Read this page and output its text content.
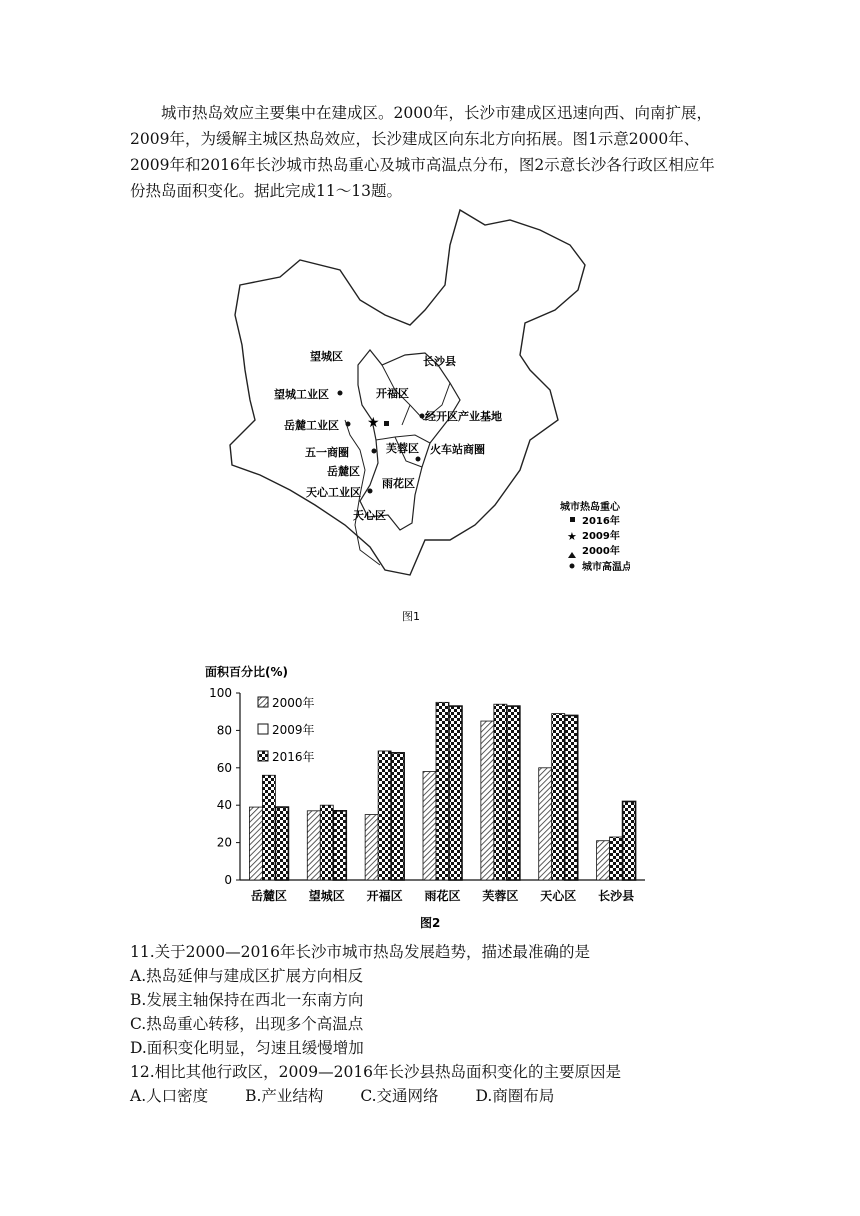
城市热岛效应主要集中在建成区。2000年，长沙市建成区迅速向西、向南扩展，2009年，为缓解主城区热岛效应，长沙建成区向东北方向拓展。图1示意2000年、2009年和2016年长沙城市热岛重心及城市高温点分布，图2示意长沙各行政区相应年份热岛面积变化。据此完成11～13题。

望城区	长沙县
望城工业区	开福区
经开区产业基地
岳麓工业区 ★
五一商圈	芙蓉区 火车站商圈
岳麓区
雨花区
天心工业区
天心区
城市热岛重心
2016年
★ 2009年
2000年
城市高温点
图1
面积百分比(%)
0
20
40
60
80
100
岳麓区 望城区 开福区 雨花区 芙蓉区 天心区 长沙县
2000年
2009年
2016年
图2
11.关于2000—2016年长沙市城市热岛发展趋势，描述最准确的是
A.热岛延伸与建成区扩展方向相反
B.发展主轴保持在西北一东南方向
C.热岛重心转移，出现多个高温点
D.面积变化明显，匀速且缓慢增加
12.相比其他行政区，2009—2016年长沙县热岛面积变化的主要原因是
A.人口密度 B.产业结构 C.交通网络 D.商圈布局
